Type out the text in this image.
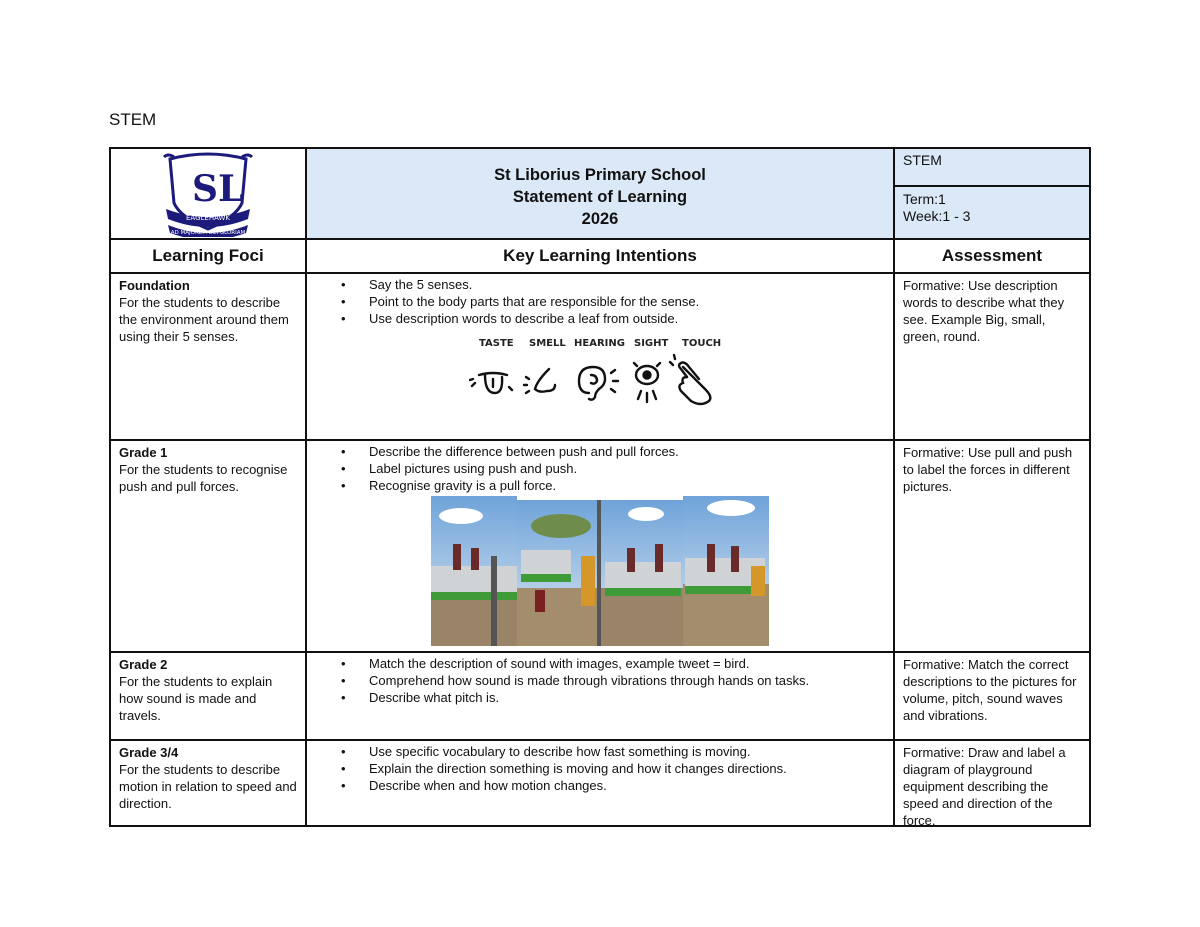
STEM
SL
EAGLEHAWK
AD MAJOREM DEI GLORIAM
St Liborius Primary School
Statement of Learning
2026
STEM
Term:1
Week:1 - 3
Learning Foci	Key Learning Intentions	Assessment
Foundation
For the students to describe the environment around them using their 5 senses.
• Say the 5 senses.
• Point to the body parts that are responsible for the sense.
• Use description words to describe a leaf from outside.
TASTE SMELL HEARING SIGHT TOUCH
Formative: Use description words to describe what they see. Example Big, small, green, round.
Grade 1
For the students to recognise push and pull forces.
• Describe the difference between push and pull forces.
• Label pictures using push and push.
• Recognise gravity is a pull force.
Formative: Use pull and push to label the forces in different pictures.
Grade 2
For the students to explain how sound is made and travels.
• Match the description of sound with images, example tweet = bird.
• Comprehend how sound is made through vibrations through hands on tasks.
• Describe what pitch is.
Formative: Match the correct descriptions to the pictures for volume, pitch, sound waves and vibrations.
Grade 3/4
For the students to describe motion in relation to speed and direction.
• Use specific vocabulary to describe how fast something is moving.
• Explain the direction something is moving and how it changes directions.
• Describe when and how motion changes.
Formative: Draw and label a diagram of playground equipment describing the speed and direction of the force.
